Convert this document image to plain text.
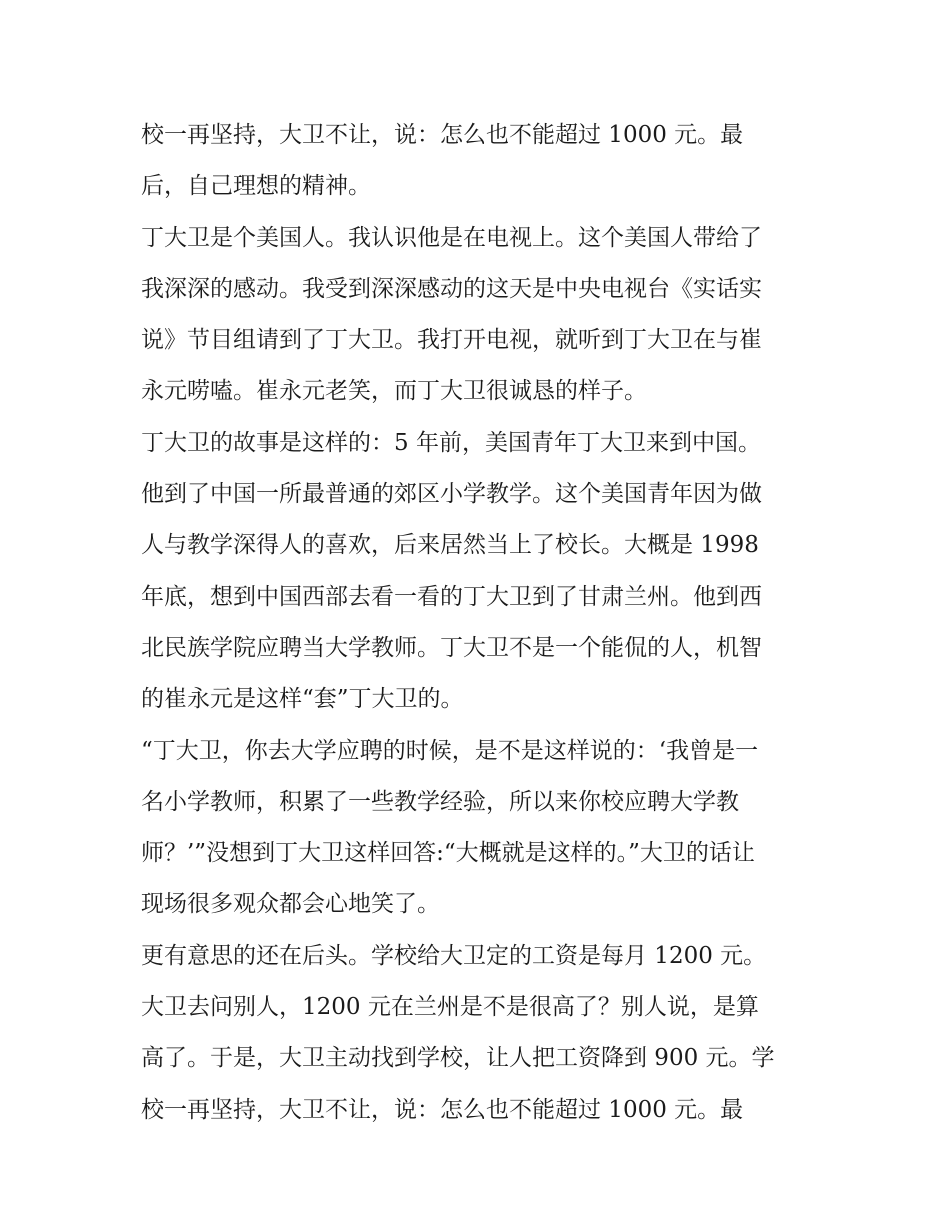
校一再坚持，大卫不让，说：怎么也不能超过 1000 元。最
后，自己理想的精神。
丁大卫是个美国人。我认识他是在电视上。这个美国人带给了
我深深的感动。我受到深深感动的这天是中央电视台《实话实
说》节目组请到了丁大卫。我打开电视，就听到丁大卫在与崔
永元唠嗑。崔永元老笑，而丁大卫很诚恳的样子。
丁大卫的故事是这样的：5 年前，美国青年丁大卫来到中国。
他到了中国一所最普通的郊区小学教学。这个美国青年因为做
人与教学深得人的喜欢，后来居然当上了校长。大概是 1998
年底，想到中国西部去看一看的丁大卫到了甘肃兰州。他到西
北民族学院应聘当大学教师。丁大卫不是一个能侃的人，机智
的崔永元是这样“套”丁大卫的。
“丁大卫，你去大学应聘的时候，是不是这样说的：‘我曾是一
名小学教师，积累了一些教学经验，所以来你校应聘大学教
师？’”没想到丁大卫这样回答:“大概就是这样的。”大卫的话让
现场很多观众都会心地笑了。
更有意思的还在后头。学校给大卫定的工资是每月 1200 元。
大卫去问别人，1200 元在兰州是不是很高了？别人说，是算
高了。于是，大卫主动找到学校，让人把工资降到 900 元。学
校一再坚持，大卫不让，说：怎么也不能超过 1000 元。最
